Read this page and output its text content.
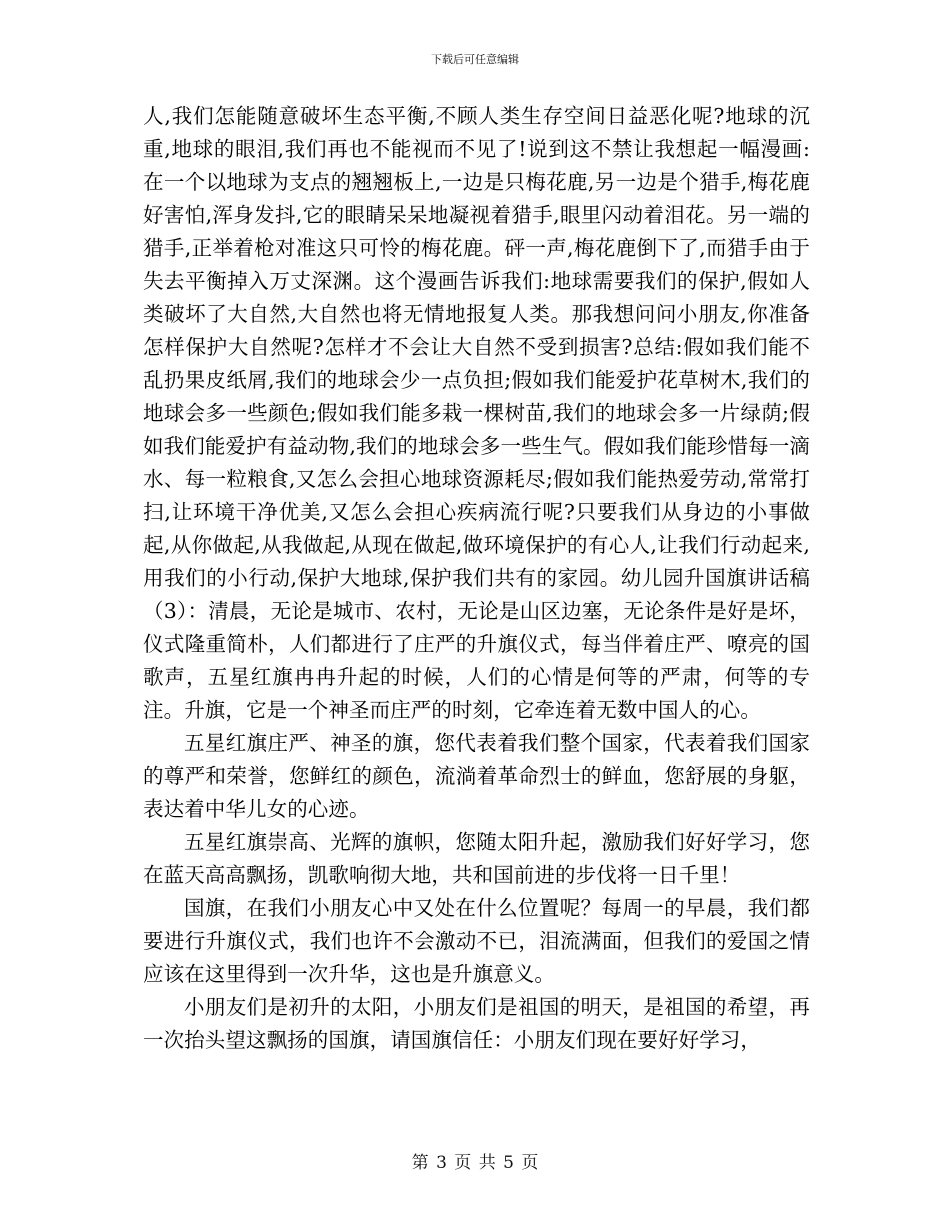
下载后可任意编辑

人,我们怎能随意破坏生态平衡,不顾人类生存空间日益恶化呢?地球的沉重,地球的眼泪,我们再也不能视而不见了!说到这不禁让我想起一幅漫画:在一个以地球为支点的翘翘板上,一边是只梅花鹿,另一边是个猎手,梅花鹿好害怕,浑身发抖,它的眼睛呆呆地凝视着猎手,眼里闪动着泪花。另一端的猎手,正举着枪对准这只可怜的梅花鹿。砰一声,梅花鹿倒下了,而猎手由于失去平衡掉入万丈深渊。这个漫画告诉我们:地球需要我们的保护,假如人类破坏了大自然,大自然也将无情地报复人类。那我想问问小朋友,你准备怎样保护大自然呢?怎样才不会让大自然不受到损害?总结:假如我们能不乱扔果皮纸屑,我们的地球会少一点负担;假如我们能爱护花草树木,我们的地球会多一些颜色;假如我们能多栽一棵树苗,我们的地球会多一片绿荫;假如我们能爱护有益动物,我们的地球会多一些生气。假如我们能珍惜每一滴水、每一粒粮食,又怎么会担心地球资源耗尽;假如我们能热爱劳动,常常打扫,让环境干净优美,又怎么会担心疾病流行呢?只要我们从身边的小事做起,从你做起,从我做起,从现在做起,做环境保护的有心人,让我们行动起来,用我们的小行动,保护大地球,保护我们共有的家园。幼儿园升国旗讲话稿（3）：清晨，无论是城市、农村，无论是山区边塞，无论条件是好是坏，仪式隆重简朴，人们都进行了庄严的升旗仪式，每当伴着庄严、嘹亮的国歌声，五星红旗冉冉升起的时候，人们的心情是何等的严肃，何等的专注。升旗，它是一个神圣而庄严的时刻，它牵连着无数中国人的心。

五星红旗庄严、神圣的旗，您代表着我们整个国家，代表着我们国家的尊严和荣誉，您鲜红的颜色，流淌着革命烈士的鲜血，您舒展的身躯，表达着中华儿女的心迹。

五星红旗崇高、光辉的旗帜，您随太阳升起，激励我们好好学习，您在蓝天高高飘扬，凯歌响彻大地，共和国前进的步伐将一日千里！

国旗，在我们小朋友心中又处在什么位置呢？每周一的早晨，我们都要进行升旗仪式，我们也许不会激动不已，泪流满面，但我们的爱国之情应该在这里得到一次升华，这也是升旗意义。

小朋友们是初升的太阳，小朋友们是祖国的明天，是祖国的希望，再一次抬头望这飘扬的国旗，请国旗信任：小朋友们现在要好好学习，

第 3 页 共 5 页
